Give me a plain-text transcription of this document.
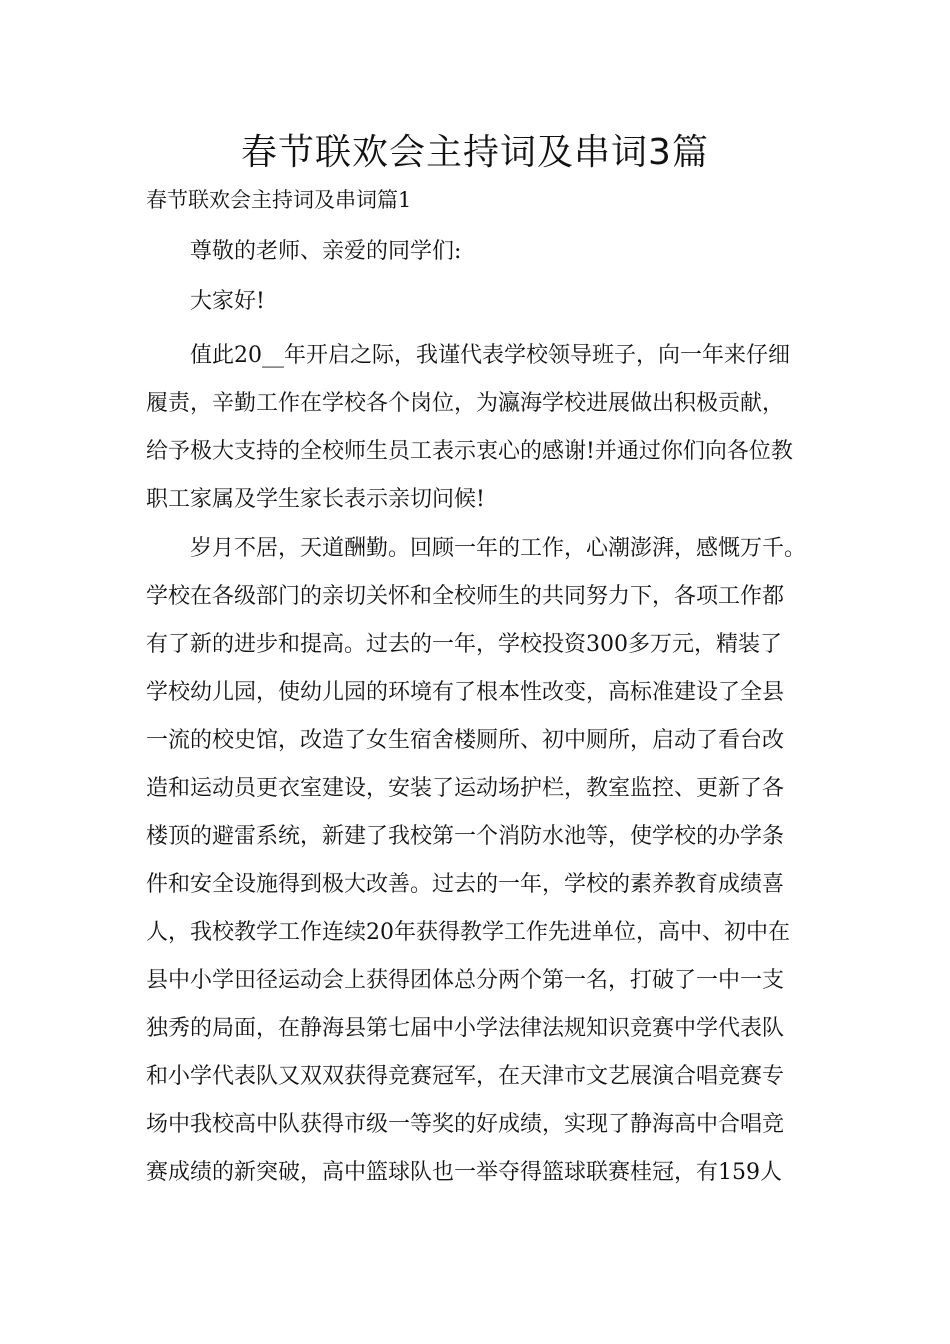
春节联欢会主持词及串词3篇
春节联欢会主持词及串词篇1

尊敬的老师、亲爱的同学们:

大家好!

值此20__年开启之际，我谨代表学校领导班子，向一年来仔细
履责，辛勤工作在学校各个岗位，为瀛海学校进展做出积极贡献，
给予极大支持的全校师生员工表示衷心的感谢!并通过你们向各位教
职工家属及学生家长表示亲切问候!

岁月不居，天道酬勤。回顾一年的工作，心潮澎湃，感慨万千。
学校在各级部门的亲切关怀和全校师生的共同努力下，各项工作都
有了新的进步和提高。过去的一年，学校投资300多万元，精装了
学校幼儿园，使幼儿园的环境有了根本性改变，高标准建设了全县
一流的校史馆，改造了女生宿舍楼厕所、初中厕所，启动了看台改
造和运动员更衣室建设，安装了运动场护栏，教室监控、更新了各
楼顶的避雷系统，新建了我校第一个消防水池等，使学校的办学条
件和安全设施得到极大改善。过去的一年，学校的素养教育成绩喜
人，我校教学工作连续20年获得教学工作先进单位，高中、初中在
县中小学田径运动会上获得团体总分两个第一名，打破了一中一支
独秀的局面，在静海县第七届中小学法律法规知识竞赛中学代表队
和小学代表队又双双获得竞赛冠军，在天津市文艺展演合唱竞赛专
场中我校高中队获得市级一等奖的好成绩，实现了静海高中合唱竞
赛成绩的新突破，高中篮球队也一举夺得篮球联赛桂冠，有159人
